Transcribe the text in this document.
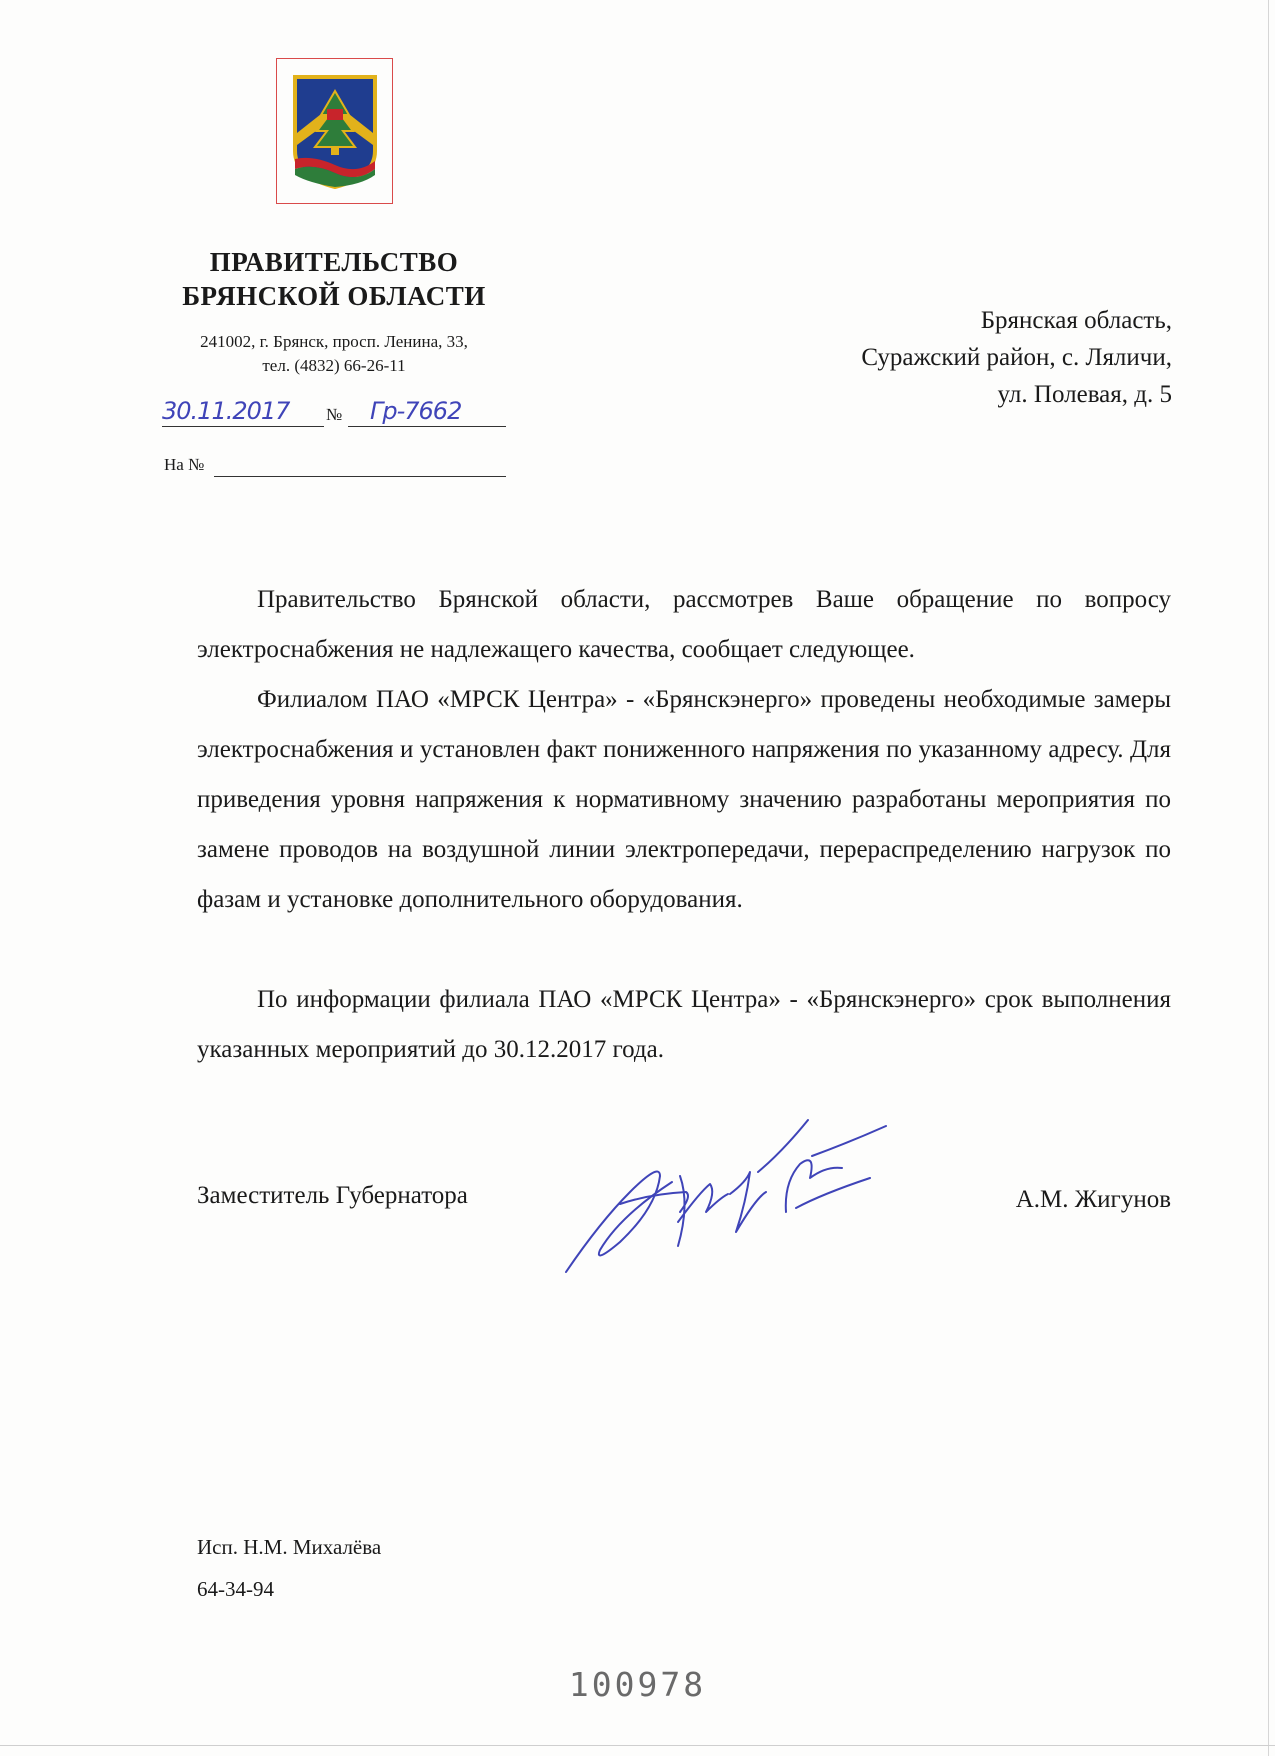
ПРАВИТЕЛЬСТВО
БРЯНСКОЙ ОБЛАСТИ
241002, г. Брянск, просп. Ленина, 33,
тел. (4832) 66-26-11
30.11.2017 № Гр-7662
На №
Брянская область,
Суражский район, с. Ляличи,
ул. Полевая, д. 5

Правительство Брянской области, рассмотрев Ваше обращение по вопросу электроснабжения не надлежащего качества, сообщает следующее.

Филиалом ПАО «МРСК Центра» - «Брянскэнерго» проведены необходимые замеры электроснабжения и установлен факт пониженного напряжения по указанному адресу. Для приведения уровня напряжения к нормативному значению разработаны мероприятия по замене проводов на воздушной линии электропередачи, перераспределению нагрузок по фазам и установке дополнительного оборудования.

По информации филиала ПАО «МРСК Центра» - «Брянскэнерго» срок выполнения указанных мероприятий до 30.12.2017 года.

Заместитель Губернатора	А.М. Жигунов
Исп. Н.М. Михалёва
64-34-94
100978
